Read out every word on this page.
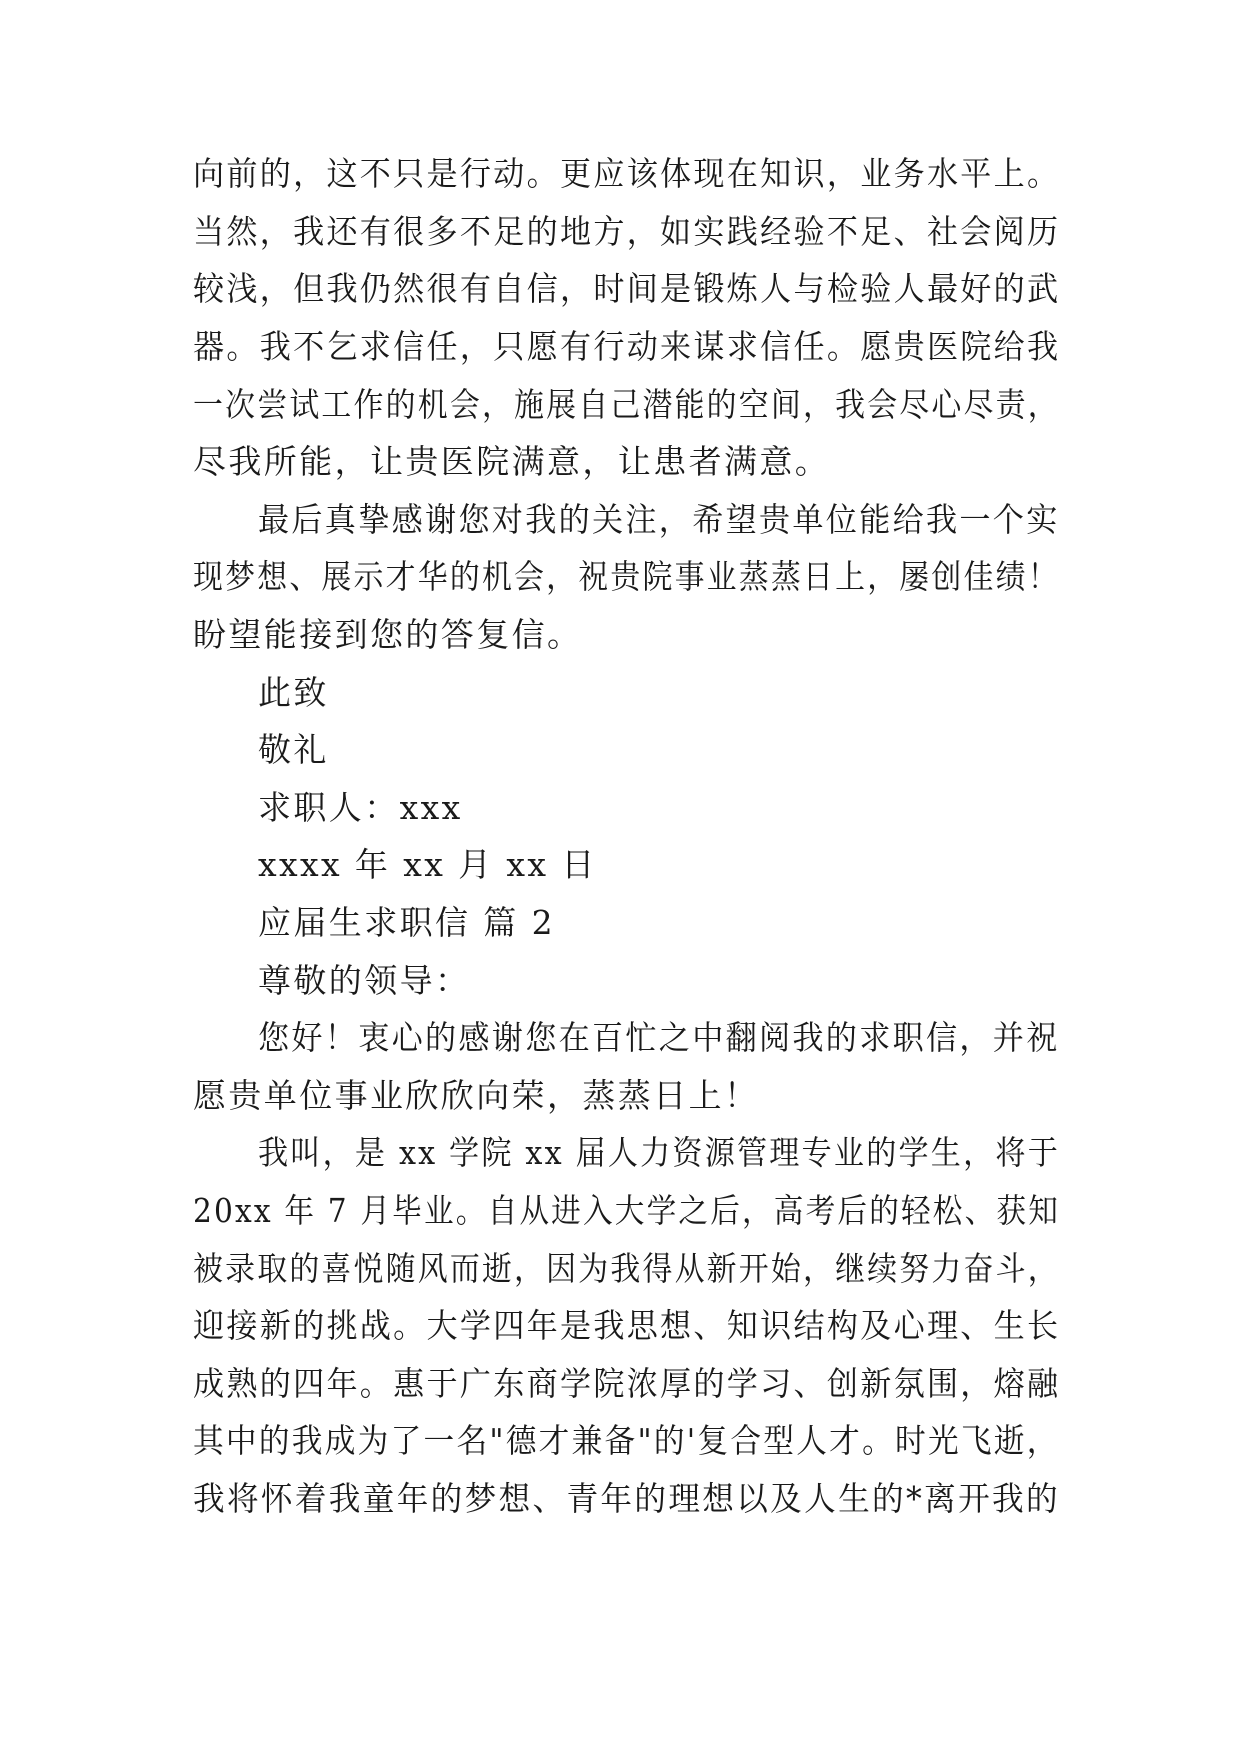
向前的，这不只是行动。更应该体现在知识，业务水平上。
当然，我还有很多不足的地方，如实践经验不足、社会阅历
较浅，但我仍然很有自信，时间是锻炼人与检验人最好的武
器。我不乞求信任，只愿有行动来谋求信任。愿贵医院给我
一次尝试工作的机会，施展自己潜能的空间，我会尽心尽责，
尽我所能，让贵医院满意，让患者满意。
最后真挚感谢您对我的关注，希望贵单位能给我一个实
现梦想、展示才华的机会，祝贵院事业蒸蒸日上，屡创佳绩！
盼望能接到您的答复信。
此致
敬礼
求职人：xxx
xxxx 年 xx 月 xx 日
应届生求职信 篇 2
尊敬的领导：
您好！衷心的感谢您在百忙之中翻阅我的求职信，并祝
愿贵单位事业欣欣向荣，蒸蒸日上！
我叫，是 xx 学院 xx 届人力资源管理专业的学生，将于
20xx 年 7 月毕业。自从进入大学之后，高考后的轻松、获知
被录取的喜悦随风而逝，因为我得从新开始，继续努力奋斗，
迎接新的挑战。大学四年是我思想、知识结构及心理、生长
成熟的四年。惠于广东商学院浓厚的学习、创新氛围，熔融
其中的我成为了一名"德才兼备"的'复合型人才。时光飞逝，
我将怀着我童年的梦想、青年的理想以及人生的*离开我的
